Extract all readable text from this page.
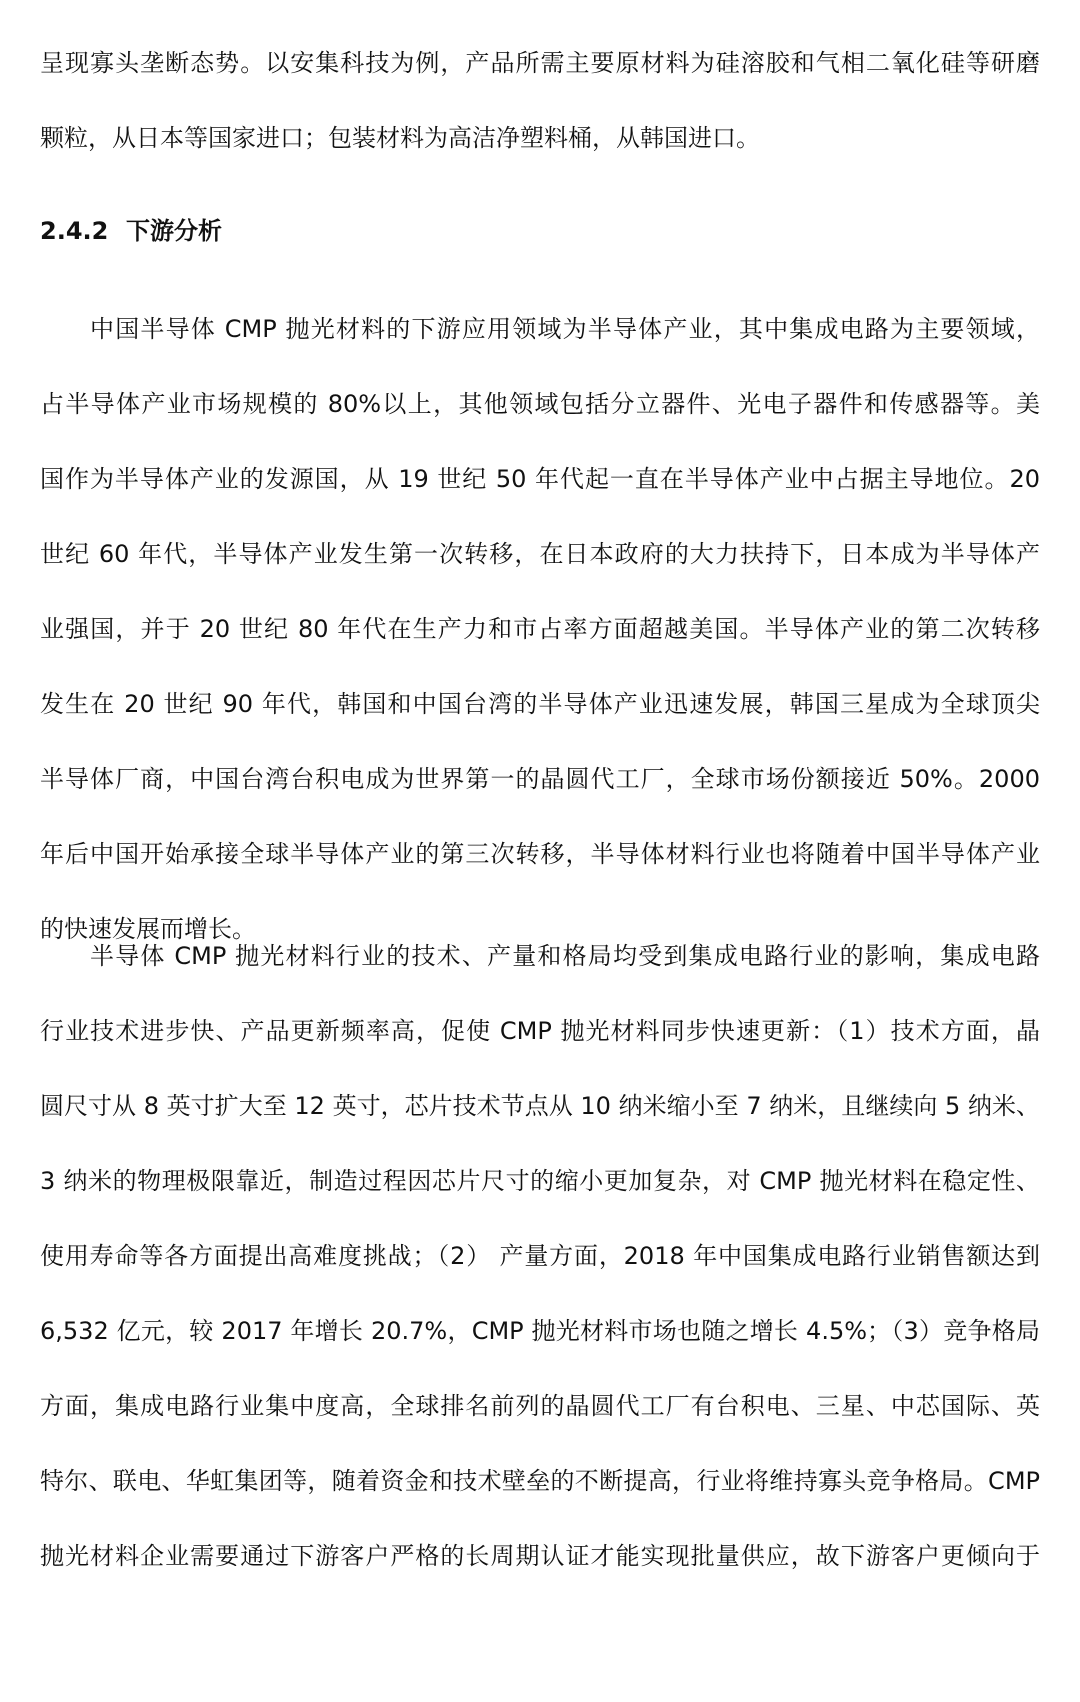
呈现寡头垄断态势。以安集科技为例，产品所需主要原材料为硅溶胶和气相二氧化硅等研磨
颗粒，从日本等国家进口；包装材料为高洁净塑料桶，从韩国进口。
2.4.2 下游分析
中国半导体 CMP 抛光材料的下游应用领域为半导体产业，其中集成电路为主要领域，
占半导体产业市场规模的 80%以上，其他领域包括分立器件、光电子器件和传感器等。美
国作为半导体产业的发源国，从 19 世纪 50 年代起一直在半导体产业中占据主导地位。20
世纪 60 年代，半导体产业发生第一次转移，在日本政府的大力扶持下，日本成为半导体产
业强国，并于 20 世纪 80 年代在生产力和市占率方面超越美国。半导体产业的第二次转移
发生在 20 世纪 90 年代，韩国和中国台湾的半导体产业迅速发展，韩国三星成为全球顶尖
半导体厂商，中国台湾台积电成为世界第一的晶圆代工厂，全球市场份额接近 50%。2000
年后中国开始承接全球半导体产业的第三次转移，半导体材料行业也将随着中国半导体产业
的快速发展而增长。
半导体 CMP 抛光材料行业的技术、产量和格局均受到集成电路行业的影响，集成电路
行业技术进步快、产品更新频率高，促使 CMP 抛光材料同步快速更新：（1）技术方面，晶
圆尺寸从 8 英寸扩大至 12 英寸，芯片技术节点从 10 纳米缩小至 7 纳米，且继续向 5 纳米、
3 纳米的物理极限靠近，制造过程因芯片尺寸的缩小更加复杂，对 CMP 抛光材料在稳定性、
使用寿命等各方面提出高难度挑战；（2） 产量方面，2018 年中国集成电路行业销售额达到
6,532 亿元，较 2017 年增长 20.7%，CMP 抛光材料市场也随之增长 4.5%；（3）竞争格局
方面，集成电路行业集中度高，全球排名前列的晶圆代工厂有台积电、三星、中芯国际、英
特尔、联电、华虹集团等，随着资金和技术壁垒的不断提高，行业将维持寡头竞争格局。CMP
抛光材料企业需要通过下游客户严格的长周期认证才能实现批量供应，故下游客户更倾向于
